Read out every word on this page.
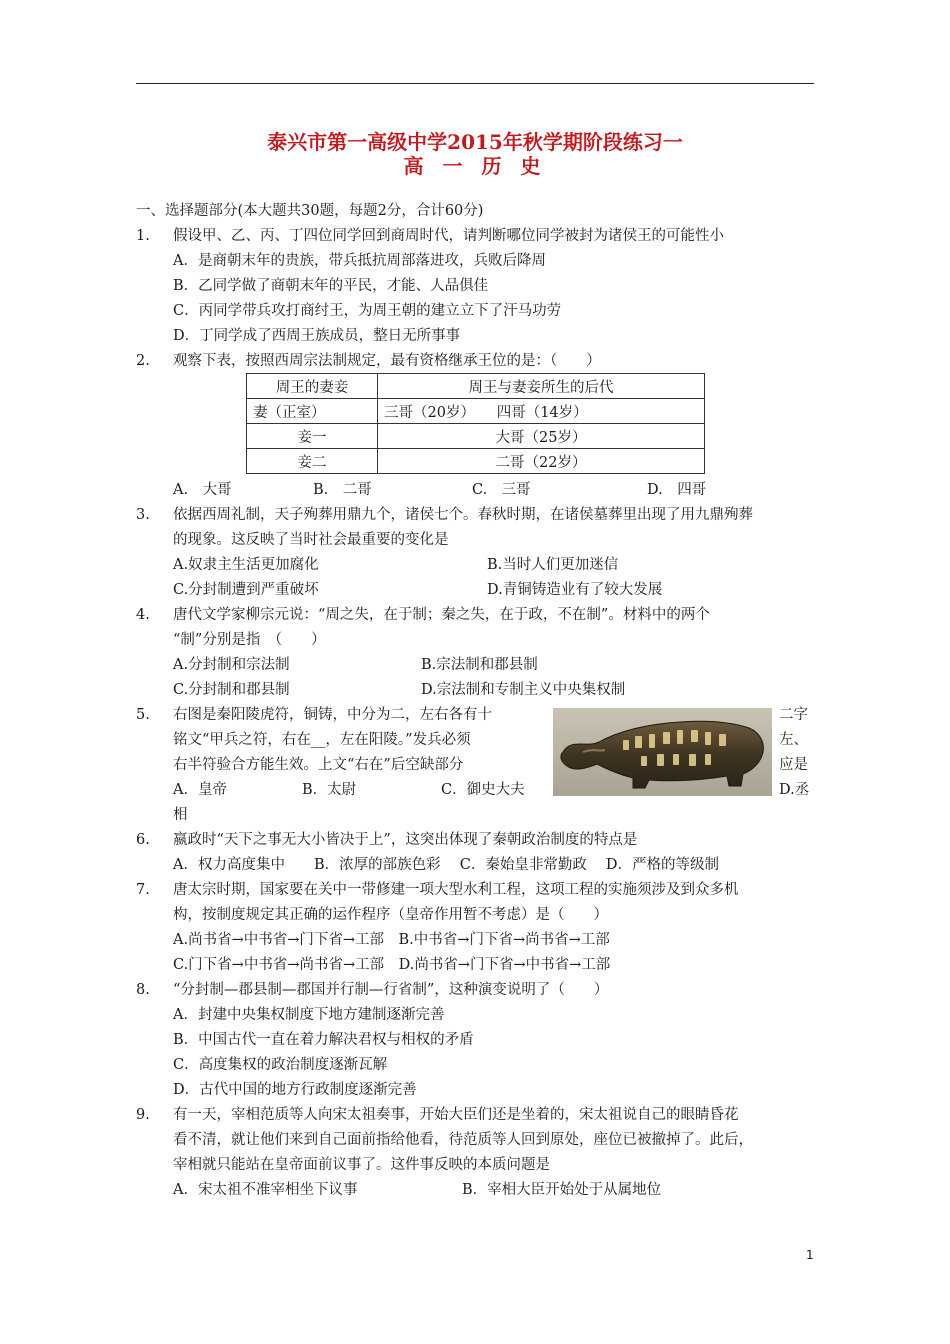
泰兴市第一高级中学2015年秋学期阶段练习一
高 一 历 史
一、选择题部分(本大题共30题，每题2分，合计60分)
1. 假设甲、乙、丙、丁四位同学回到商周时代，请判断哪位同学被封为诸侯王的可能性小
A．是商朝末年的贵族，带兵抵抗周部落进攻，兵败后降周
B．乙同学做了商朝末年的平民，才能、人品俱佳
C．丙同学带兵攻打商纣王，为周王朝的建立立下了汗马功劳
D．丁同学成了西周王族成员，整日无所事事
2. 观察下表，按照西周宗法制规定，最有资格继承王位的是：（　　）
周王的妻妾	周王与妻妾所生的后代
妻（正室）	三哥（20岁）　　四哥（14岁）
妾一	大哥（25岁）
妾二	二哥（22岁）
A.　大哥	B.　二哥	C.　三哥	D.　四哥
3. 依据西周礼制，天子殉葬用鼎九个，诸侯七个。春秋时期，在诸侯墓葬里出现了用九鼎殉葬
的现象。这反映了当时社会最重要的变化是
A.奴隶主生活更加腐化	B.当时人们更加迷信
C.分封制遭到严重破坏	D.青铜铸造业有了较大发展
4. 唐代文学家柳宗元说：“周之失，在于制；秦之失，在于政，不在制”。材料中的两个
“制”分别是指　（　　）
A.分封制和宗法制	B.宗法制和郡县制
C.分封制和郡县制	D.宗法制和专制主义中央集权制
5. 右图是秦阳陵虎符，铜铸，中分为二，左右各有十	二字
铭文“甲兵之符，右在__，左在阳陵。”发兵必须	左、
右半符验合方能生效。上文“右在”后空缺部分	应是
A．皇帝	B．太尉	C．御史大夫	D.丞
相
6. 嬴政时“天下之事无大小皆决于上”，这突出体现了秦朝政治制度的特点是
A．权力高度集中　　B．浓厚的部族色彩　 C．秦始皇非常勤政　 D．严格的等级制
7. 唐太宗时期，国家要在关中一带修建一项大型水利工程，这项工程的实施须涉及到众多机
构，按制度规定其正确的运作程序（皇帝作用暂不考虑）是（　　）
A.尚书省→中书省→门下省→工部　B.中书省→门下省→尚书省→工部
C.门下省→中书省→尚书省→工部　D.尚书省→门下省→中书省→工部
8. “分封制—郡县制—郡国并行制—行省制”，这种演变说明了（　　）
A．封建中央集权制度下地方建制逐渐完善
B．中国古代一直在着力解决君权与相权的矛盾
C．高度集权的政治制度逐渐瓦解
D．古代中国的地方行政制度逐渐完善
9. 有一天，宰相范质等人向宋太祖奏事，开始大臣们还是坐着的，宋太祖说自己的眼睛昏花
看不清，就让他们来到自己面前指给他看，待范质等人回到原处，座位已被撤掉了。此后，
宰相就只能站在皇帝面前议事了。这件事反映的本质问题是
A．宋太祖不准宰相坐下议事	B．宰相大臣开始处于从属地位
1
